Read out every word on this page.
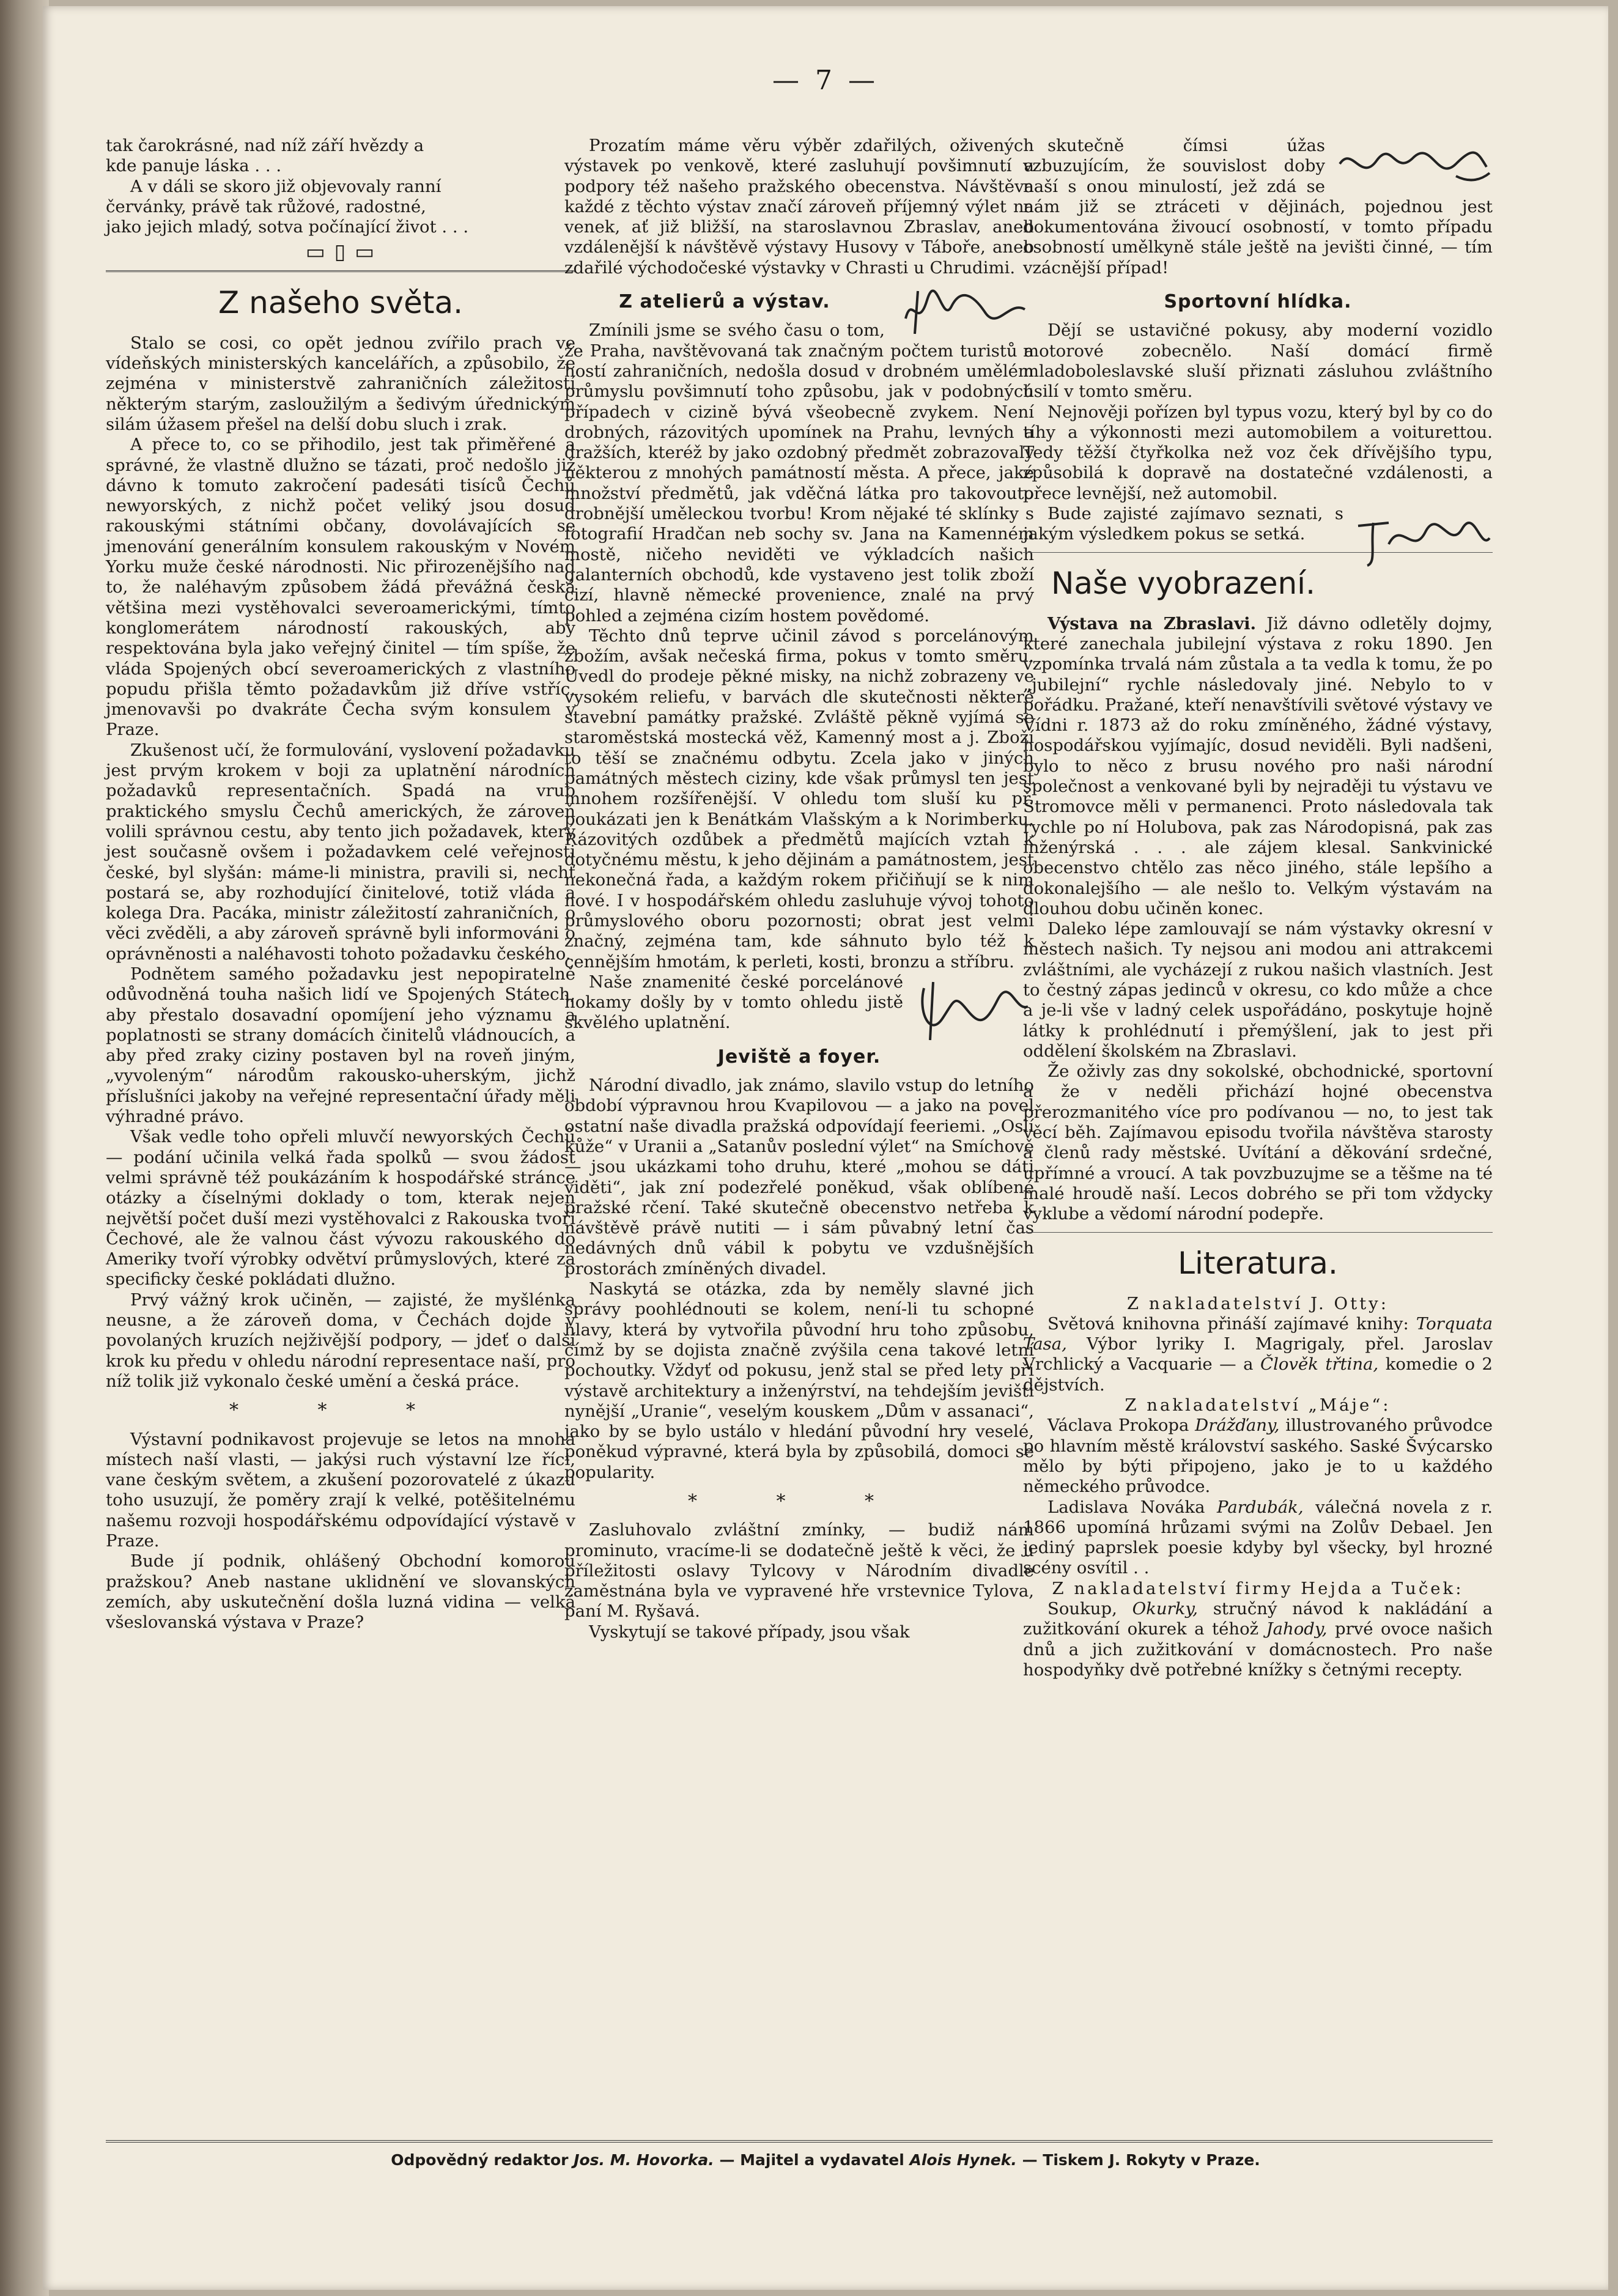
— 7 —

tak čarokrásné, nad níž září hvězdy a

kde panuje láska . . .

A v dáli se skoro již objevovaly ranní

červánky, právě tak růžové, radostné,

jako jejich mladý, sotva počínající život . . .

▭ ▯ ▭
Z našeho světa.

Stalo se cosi, co opět jednou zvířilo prach ve vídeňských ministerských kancelářích, a způsobilo, že zejména v ministerstvě zahraničních záležitostí některým starým, zasloužilým a šedivým úřednickým silám úžasem přešel na delší dobu sluch i zrak.

A přece to, co se přihodilo, jest tak přiměřené a správné, že vlastně dlužno se tázati, proč nedošlo již dávno k tomuto zakročení padesáti tisíců Čechů newyorských, z nichž počet veliký jsou dosud rakouskými státními občany, dovolávajících se jmenování generálním konsulem rakouským v Novém Yorku muže české národnosti. Nic přirozenějšího nad to, že naléhavým způsobem žádá převážná česká většina mezi vystěhovalci severoamerickými, tímto konglomerátem národností rakouských, aby respektována byla jako veřejný činitel — tím spíše, že vláda Spojených obcí severoamerických z vlastního popudu přišla těmto požadavkům již dříve vstříc, jmenovavši po dvakráte Čecha svým konsulem v Praze.

Zkušenost učí, že formulování, vyslovení požadavku jest prvým krokem v boji za uplatnění národních požadavků representačních. Spadá na vrub praktického smyslu Čechů amerických, že zároveň volili správnou cestu, aby tento jich požadavek, který jest současně ovšem i požadavkem celé veřejnosti české, byl slyšán: máme-li ministra, pravili si, nechť postará se, aby rozhodující činitelové, totiž vláda a kolega Dra. Pacáka, ministr záležitostí zahraničních, o věci zvěděli, a aby zároveň správně byli informováni o oprávněnosti a naléhavosti tohoto požadavku českého.

Podnětem samého požadavku jest nepopiratelně odůvodněná touha našich lidí ve Spojených Státech, aby přestalo dosavadní opomíjení jeho významu a poplatnosti se strany domácích činitelů vládnoucích, a aby před zraky ciziny postaven byl na roveň jiným, „vyvoleným“ národům rakousko-uherským, jichž příslušníci jakoby na veřejné representační úřady měli výhradné právo.

Však vedle toho opřeli mluvčí newyorských Čechů — podání učinila velká řada spolků — svou žádost velmi správně též poukázáním k hospodářské stránce otázky a číselnými doklady o tom, kterak nejen největší počet duší mezi vystěhovalci z Rakouska tvoří Čechové, ale že valnou část vývozu rakouského do Ameriky tvoří výrobky odvětví průmyslových, které za specificky české pokládati dlužno.

Prvý vážný krok učiněn, — zajisté, že myšlénka neusne, a že zároveň doma, v Čechách dojde v povolaných kruzích nejživější podpory, — jdeť o další krok ku předu v ohledu národní representace naší, pro níž tolik již vykonalo české umění a česká práce.

* * *

Výstavní podnikavost projevuje se letos na mnoha místech naší vlasti, — jakýsi ruch výstavní lze říci, vane českým světem, a zkušení pozorovatelé z úkazu toho usuzují, že poměry zrají k velké, potěšitelnému našemu rozvoji hospodářskému odpovídající výstavě v Praze.

Bude jí podnik, ohlášený Obchodní komorou pražskou? Aneb nastane uklidnění ve slovanských zemích, aby uskutečnění došla luzná vidina — velká všeslovanská výstava v Praze?

Prozatím máme věru výběr zdařilých, oživených výstavek po venkově, které zasluhují povšimnutí a podpory též našeho pražského obecenstva. Návštěva každé z těchto výstav značí zároveň příjemný výlet na venek, ať již bližší, na staroslavnou Zbraslav, aneb vzdálenější k návštěvě výstavy Husovy v Táboře, aneb zdařilé východočeské výstavky v Chrasti u Chrudimi.

Z atelierů a výstav.

Zmínili jsme se svého času o tom, že Praha, navštěvovaná tak značným počtem turistů a hostí zahraničních, nedošla dosud v drobném umělém průmyslu povšimnutí toho způsobu, jak v podobných případech v cizině bývá všeobecně zvykem. Není drobných, rázovitých upomínek na Prahu, levných a dražších, kteréž by jako ozdobný předmět zobrazovaly některou z mnohých památností města. A přece, jaké množství předmětů, jak vděčná látka pro takovouto drobnější uměleckou tvorbu! Krom nějaké té sklínky s fotografií Hradčan neb sochy sv. Jana na Kamenném mostě, ničeho neviděti ve výkladcích našich galanterních obchodů, kde vystaveno jest tolik zboží cizí, hlavně německé provenience, znalé na prvý pohled a zejména cizím hostem povědomé.

Těchto dnů teprve učinil závod s porcelánovým zbožím, avšak nečeská firma, pokus v tomto směru. Uvedl do prodeje pěkné misky, na nichž zobrazeny ve vysokém reliefu, v barvách dle skutečnosti některé stavební památky pražské. Zvláště pěkně vyjímá se staroměstská mostecká věž, Kamenný most a j. Zboží to těší se značnému odbytu. Zcela jako v jiných památných městech ciziny, kde však průmysl ten jest mnohem rozšířenější. V ohledu tom sluší ku př. poukázati jen k Benátkám Vlašským a k Norimberku. Rázovitých ozdůbek a předmětů majících vztah k dotyčnému městu, k jeho dějinám a památnostem, jest nekonečná řada, a každým rokem přičiňují se k nim nové. I v hospodářském ohledu zasluhuje vývoj tohoto průmyslového oboru pozornosti; obrat jest velmi značný, zejména tam, kde sáhnuto bylo též k cennějším hmotám, k perleti, kosti, bronzu a stříbru.

Naše znamenité české porcelánové hokamy došly by v tomto ohledu jistě skvělého uplatnění.

Jeviště a foyer.

Národní divadlo, jak známo, slavilo vstup do letního období výpravnou hrou Kvapilovou — a jako na povel ostatní naše divadla pražská odpovídají feeriemi. „Oslí kůže“ v Uranii a „Satanův poslední výlet“ na Smíchově — jsou ukázkami toho druhu, které „mohou se dáti viděti“, jak zní podezřelé poněkud, však oblíbené pražské rčení. Také skutečně obecenstvo netřeba k návštěvě právě nutiti — i sám půvabný letní čas nedávných dnů vábil k pobytu ve vzdušnějších prostorách zmíněných divadel.

Naskytá se otázka, zda by neměly slavné jich správy poohlédnouti se kolem, není-li tu schopné hlavy, která by vytvořila původní hru toho způsobu, čímž by se dojista značně zvýšila cena takové letní pochoutky. Vždyť od pokusu, jenž stal se před lety při výstavě architektury a inženýrství, na tehdejším jevišti nynější „Uranie“, veselým kouskem „Dům v assanaci“, jako by se bylo ustálo v hledání původní hry veselé, poněkud výpravné, která byla by způsobilá, domoci se popularity.

* * *

Zasluhovalo zvláštní zmínky, — budiž nám prominuto, vracíme-li se dodatečně ještě k věci, že u příležitosti oslavy Tylcovy v Národním divadle zaměstnána byla ve vypravené hře vrstevnice Tylova, paní M. Ryšavá.

Vyskytují se takové případy, jsou však

skutečně čímsi úžas vzbuzujícím, že souvislost doby naší s onou minulostí, jež zdá se nám již se ztráceti v dějinách, pojednou jest dokumentována živoucí osobností, v tomto případu osobností umělkyně stále ještě na jevišti činné, — tím vzácnější případ!

Sportovní hlídka.

Dějí se ustavičné pokusy, aby moderní vozidlo motorové zobecnělo. Naší domácí firmě mladoboleslavské sluší přiznati zásluhou zvláštního úsilí v tomto směru.

Nejnověji pořízen byl typus vozu, který byl by co do tíhy a výkonnosti mezi automobilem a voiturettou. Tedy těžší čtyřkolka než voz ček dřívějšího typu, způsobilá k dopravě na dostatečné vzdálenosti, a přece levnější, než automobil.

Bude zajisté zajímavo seznati, s jakým výsledkem pokus se setká.

Naše vyobrazení.

Výstava na Zbraslavi. Již dávno odletěly dojmy, které zanechala jubilejní výstava z roku 1890. Jen vzpomínka trvalá nám zůstala a ta vedla k tomu, že po „jubilejní“ rychle následovaly jiné. Nebylo to v pořádku. Pražané, kteří nenavštívili světové výstavy ve Vídni r. 1873 až do roku zmíněného, žádné výstavy, hospodářskou vyjímajíc, dosud neviděli. Byli nadšeni, bylo to něco z brusu nového pro naši národní společnost a venkované byli by nejraději tu výstavu ve Stromovce měli v permanenci. Proto následovala tak rychle po ní Holubova, pak zas Národopisná, pak zas inženýrská . . . ale zájem klesal. Sankvinické obecenstvo chtělo zas něco jiného, stále lepšího a dokonalejšího — ale nešlo to. Velkým výstavám na dlouhou dobu učiněn konec.

Daleko lépe zamlouvají se nám výstavky okresní v městech našich. Ty nejsou ani modou ani attrakcemi zvláštními, ale vycházejí z rukou našich vlastních. Jest to čestný zápas jedinců v okresu, co kdo může a chce a je-li vše v ladný celek uspořádáno, poskytuje hojně látky k prohlédnutí i přemýšlení, jak to jest při oddělení školském na Zbraslavi.

Že oživly zas dny sokolské, obchodnické, sportovní a že v neděli přichází hojné obecenstva přerozmanitého více pro podívanou — no, to jest tak věcí běh. Zajímavou episodu tvořila návštěva starosty a členů rady městské. Uvítání a děkování srdečné, upřímné a vroucí. A tak povzbuzujme se a těšme na té malé hroudě naší. Lecos dobrého se při tom vždycky vyklube a vědomí národní podepře.

Literatura.

Z nakladatelství J. Otty:

Světová knihovna přináší zajímavé knihy: Torquata Tasa, Výbor lyriky I. Magrigaly, přel. Jaroslav Vrchlický a Vacquarie — a Člověk třtina, komedie o 2 dějstvích.

Z nakladatelství „Máje“:

Václava Prokopa Drážďany, illustrovaného průvodce po hlavním městě království saského. Saské Švýcarsko mělo by býti připojeno, jako je to u každého německého průvodce.

Ladislava Nováka Pardubák, válečná novela z r. 1866 upomíná hrůzami svými na Zolův Debael. Jen jediný paprslek poesie kdyby byl všecky, byl hrozné scény osvítil . .

Z nakladatelství firmy Hejda a Tuček:

Soukup, Okurky, stručný návod k nakládání a zužitkování okurek a téhož Jahody, prvé ovoce našich dnů a jich zužitkování v domácnostech. Pro naše hospodyňky dvě potřebné knížky s četnými recepty.

Odpovědný redaktor Jos. M. Hovorka. — Majitel a vydavatel Alois Hynek. — Tiskem J. Rokyty v Praze.
